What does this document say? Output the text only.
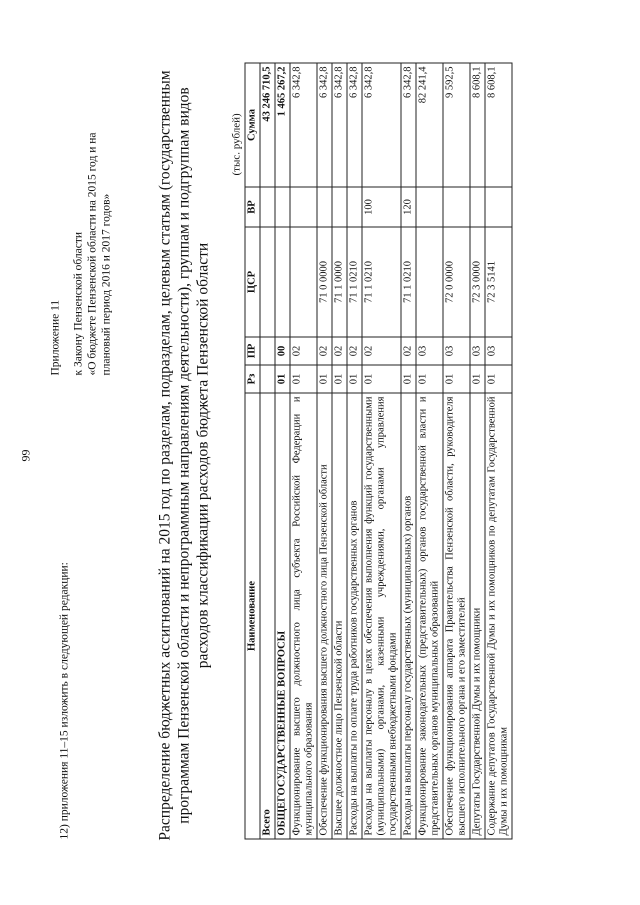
99
12) приложения 11–15 изложить в следующей редакции:
Приложение 11 к Закону Пензенской области «О бюджете Пензенской области на 2015 год и на плановый период 2016 и 2017 годов»	Распределение бюджетных ассигнований на 2015 год по разделам, подразделам, целевым статьям (государственным программам Пензенской области и непрограммным направлениям деятельности), группам и подгруппам видов расходов классификации расходов бюджета Пензенской области
(тыс. рублей)
Наименование	Рз	ПР	ЦСР	ВР	Сумма
Всего					43 246 710,5
ОБЩЕГОСУДАРСТВЕННЫЕ ВОПРОСЫ	01	00			1 465 267,2
Функционирование высшего должностного лица субъекта Российской Федерации и муниципального образования	01	02			6 342,8
Обеспечение функционирования высшего должностного лица Пензенской области	01	02	71 0 0000		6 342,8
Высшее должностное лицо Пензенской области	01	02	71 1 0000		6 342,8
Расходы на выплаты по оплате труда работников государственных органов	01	02	71 1 0210		6 342,8
Расходы на выплаты персоналу в целях обеспечения выполнения функций государственными (муниципальными) органами, казенными учреждениями, органами управления государственными внебюджетными фондами	01	02	71 1 0210	100	6 342,8
Расходы на выплаты персоналу государственных (муниципальных) органов	01	02	71 1 0210	120	6 342,8
Функционирование законодательных (представительных) органов государственной власти и представительных органов муниципальных образований	01	03			82 241,4
Обеспечение функционирования аппарата Правительства Пензенской области, руководителя высшего исполнительного органа и его заместителей	01	03	72 0 0000		9 592,5
Депутаты Государственной Думы и их помощники	01	03	72 3 0000		8 608,1
Содержание депутатов Государственной Думы и их помощников по депутатам Государственной Думы и их помощникам	01	03	72 3 5141		8 608,1
